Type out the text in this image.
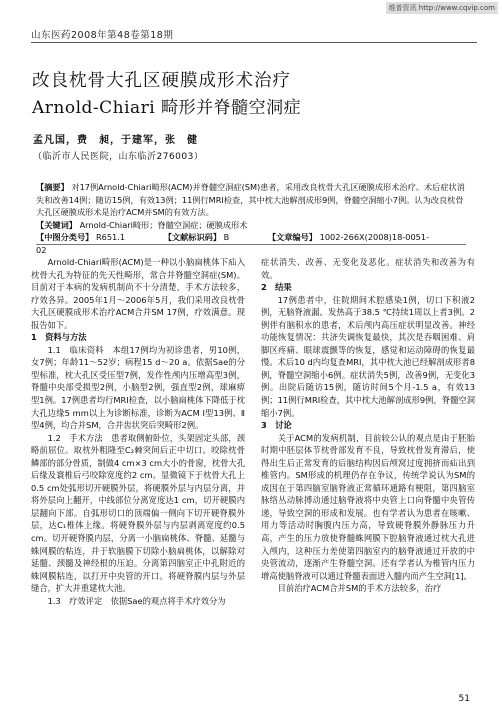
维普资讯 http://www.cqvip.com
山东医药2008年第48卷第18期
改良枕骨大孔区硬膜成形术治疗
Arnold-Chiari 畸形并脊髓空洞症
孟凡国，费　昶，于建军，张　健
（临沂市人民医院，山东临沂276003）
【摘要】 对17例Arnold-Chiari畸形(ACM)并脊髓空洞症(SM)患者，采用改良枕骨大孔区硬膜成形术治疗。术后症状消失和改善14例；随访15例，有效13例；11例行MRI检查，其中枕大池解剖成形9例，脊髓空洞缩小7例。认为改良枕骨大孔区硬膜成形术是治疗ACM并SM的有效方法。
【关键词】 Arnold-Chiari畸形；脊髓空洞症；硬膜成形术
【中图分类号】 R651.1	【文献标识码】 B	【文章编号】 1002-266X(2008)18-0051-02

Arnold-Chiari畸形(ACM)是一种以小脑扁桃体下疝入枕骨大孔为特征的先天性畸形，常合并脊髓空洞症(SM)。目前对于本病的发病机制尚不十分清楚，手术方法较多，疗效各异。2005年1月～2006年5月，我们采用改良枕骨大孔区硬膜成形术治疗ACM合并SM 17例，疗效满意。现报告如下。

1　资料与方法

1.1　临床资料　本组17例均为初诊患者，男10例，女7例；年龄11～52岁；病程15 d～20 a。依据Sae的分型标准，枕大孔区受压型7例，发作性颅内压增高型3例，脊髓中央部受损型2例，小脑型2例，强直型2例，球麻痹型1例。17例患者均行MRI检查，以小脑扁桃体下降低于枕大孔边缘5 mm以上为诊断标准，诊断为ACM Ⅰ型13例、Ⅱ型4例，均合并SM，合并齿状突后突畸形2例。

1.2　手术方法　患者取侧俯卧位，头架固定头部，颈略前屈位。取枕外粗隆至C₂棘突间后正中切口。咬除枕骨鳞部的部分骨质，制做4 cm×3 cm大小的骨窗，枕骨大孔后缘及寰椎后弓咬除宽度约2 cm。显微镜下于枕骨大孔上0.5 cm处弧形切开硬膜外层，将硬膜外层与内层分离，并将外层向上翻开，中线部位分离宽度达1 cm，切开硬膜内层翻向下部。自弧形切口的顶端偏一侧向下切开硬脊膜外层，达C₁椎体上缘。将硬脊膜外层与内层剥离宽度约0.5 cm。切开硬脊膜内层，分离一小脑扁桃体、脊髓、延髓与蛛网膜的粘连，并于软脑膜下切除小脑扁桃体，以解除对延髓、颈髓及神经根的压迫。分离第四脑室正中孔附近的蛛网膜粘连，以打开中央管的开口。将硬脊膜内层与外层缝合，扩大并重建枕大池。

1.3　疗效评定　依据Sae的观点将手术疗效分为

症状消失、改善、无变化及恶化。症状消失和改善为有效。

2　结果

17例患者中，住院期间术腔感染1例，切口下积液2例，无脑脊液漏。发热高于38.5 ℃持续1周以上者3例。2例伴有脑积水的患者，术后颅内高压症状明显改善。神经功能恢复情况：共济失调恢复最快，其次是吞咽困难、肩脚区疼痛、眼球震颤等的恢复，感觉和运动障碍的恢复最慢。术后10 d内均复查MRI，其中枕大池已经解剖成形者8例，脊髓空洞缩小6例。症状消失5例，改善9例，无变化3例。出院后随访15例，随访时间5个月-1.5 a，有效13例；11例行MRI检查，其中枕大池解剖成形9例，脊髓空洞缩小7例。

3　讨论

关于ACM的发病机制，目前较公认的观点是由于胚胎时期中胚层体节枕骨部发育不良，导致枕骨发育滞后，使得出生后正常发育的后脑结构因后颅窝过度拥挤而疝出到椎管内。SM形成的机理仍存在争议，传统学说认为SM的成因在于第四脑室脑脊液正常循环通路有梗阻，第四脑室脉络丛动脉搏动通过脑脊液将中央管上口向脊髓中央管传递，导致空洞的形成和发展。也有学者认为患者在咳嗽、用力等活动时胸腹内压力高，导致硬脊膜外静脉压力升高，产生的压力放使脊髓蛛网膜下腔脑脊液通过枕大孔进入颅内，这种压力差使第四脑室内的脑脊液通过开放的中央管流动，逐渐产生脊髓空洞。还有学者认为椎管内压力增高使脑脊液可以通过脊髓表面进入髓内而产生空洞[1]。

目前治疗ACM合并SM的手术方法较多，治疗

51
